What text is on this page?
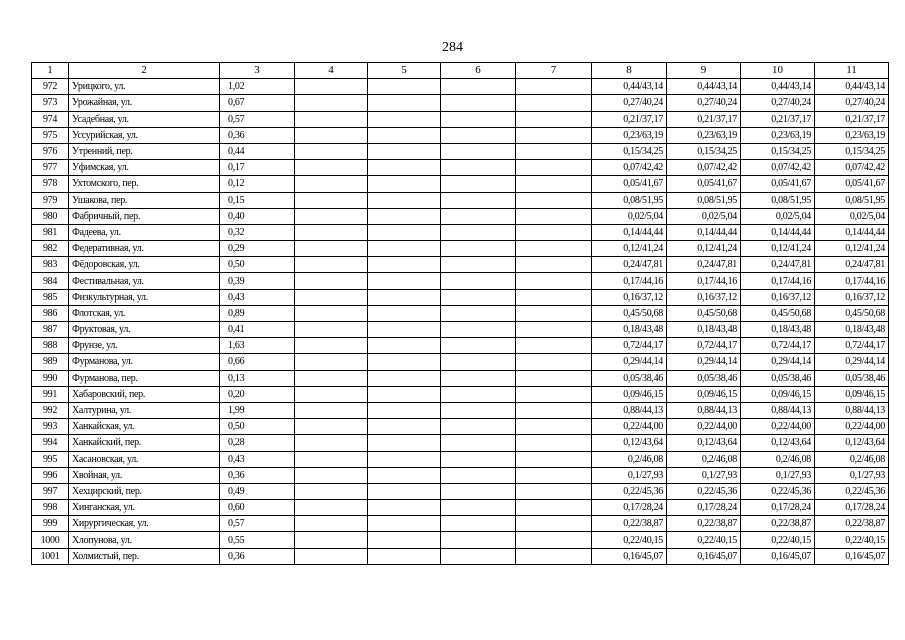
284
1	2	3	4	5	6	7	8	9	10	11
972	Урицкого, ул.	1,02					0,44/43,14	0,44/43,14	0,44/43,14	0,44/43,14
973	Урожайная, ул.	0,67					0,27/40,24	0,27/40,24	0,27/40,24	0,27/40,24
974	Усадебная, ул.	0,57					0,21/37,17	0,21/37,17	0,21/37,17	0,21/37,17
975	Уссурийская, ул.	0,36					0,23/63,19	0,23/63,19	0,23/63,19	0,23/63,19
976	Утренний, пер.	0,44					0,15/34,25	0,15/34,25	0,15/34,25	0,15/34,25
977	Уфимская, ул.	0,17					0,07/42,42	0,07/42,42	0,07/42,42	0,07/42,42
978	Ухтомского, пер.	0,12					0,05/41,67	0,05/41,67	0,05/41,67	0,05/41,67
979	Ушакова, пер.	0,15					0,08/51,95	0,08/51,95	0,08/51,95	0,08/51,95
980	Фабричный, пер.	0,40					0,02/5,04	0,02/5,04	0,02/5,04	0,02/5,04
981	Фадеева, ул.	0,32					0,14/44,44	0,14/44,44	0,14/44,44	0,14/44,44
982	Федеративная, ул.	0,29					0,12/41,24	0,12/41,24	0,12/41,24	0,12/41,24
983	Фёдоровская, ул.	0,50					0,24/47,81	0,24/47,81	0,24/47,81	0,24/47,81
984	Фестивальная, ул.	0,39					0,17/44,16	0,17/44,16	0,17/44,16	0,17/44,16
985	Физкультурная, ул.	0,43					0,16/37,12	0,16/37,12	0,16/37,12	0,16/37,12
986	Флотская, ул.	0,89					0,45/50,68	0,45/50,68	0,45/50,68	0,45/50,68
987	Фруктовая, ул.	0,41					0,18/43,48	0,18/43,48	0,18/43,48	0,18/43,48
988	Фрунзе, ул.	1,63					0,72/44,17	0,72/44,17	0,72/44,17	0,72/44,17
989	Фурманова, ул.	0,66					0,29/44,14	0,29/44,14	0,29/44,14	0,29/44,14
990	Фурманова, пер.	0,13					0,05/38,46	0,05/38,46	0,05/38,46	0,05/38,46
991	Хабаровский, пер.	0,20					0,09/46,15	0,09/46,15	0,09/46,15	0,09/46,15
992	Халтурина, ул.	1,99					0,88/44,13	0,88/44,13	0,88/44,13	0,88/44,13
993	Ханкайская, ул.	0,50					0,22/44,00	0,22/44,00	0,22/44,00	0,22/44,00
994	Ханкайский, пер.	0,28					0,12/43,64	0,12/43,64	0,12/43,64	0,12/43,64
995	Хасановская, ул.	0,43					0,2/46,08	0,2/46,08	0,2/46,08	0,2/46,08
996	Хвойная, ул.	0,36					0,1/27,93	0,1/27,93	0,1/27,93	0,1/27,93
997	Хехцирский, пер.	0,49					0,22/45,36	0,22/45,36	0,22/45,36	0,22/45,36
998	Хинганская, ул.	0,60					0,17/28,24	0,17/28,24	0,17/28,24	0,17/28,24
999	Хирургическая, ул.	0,57					0,22/38,87	0,22/38,87	0,22/38,87	0,22/38,87
1000	Хлопунова, ул.	0,55					0,22/40,15	0,22/40,15	0,22/40,15	0,22/40,15
1001	Холмистый, пер.	0,36					0,16/45,07	0,16/45,07	0,16/45,07	0,16/45,07
